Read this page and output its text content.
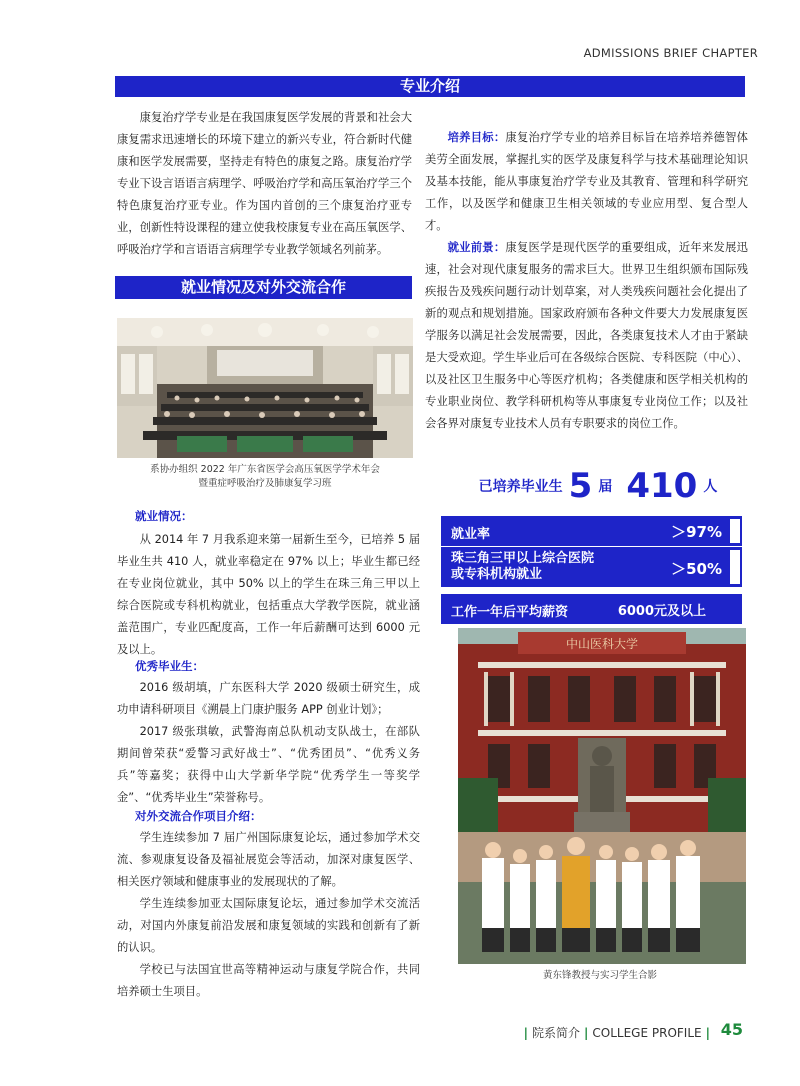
ADMISSIONS BRIEF CHAPTER
专业介绍
康复治疗学专业是在我国康复医学发展的背景和社会大康复需求迅速增长的环境下建立的新兴专业，符合新时代健康和医学发展需要，坚持走有特色的康复之路。康复治疗学专业下设言语语言病理学、呼吸治疗学和高压氧治疗学三个特色康复治疗亚专业。作为国内首创的三个康复治疗亚专业，创新性特设课程的建立使我校康复专业在高压氧医学、呼吸治疗学和言语语言病理学专业教学领域名列前茅。
培养目标：康复治疗学专业的培养目标旨在培养培养德智体美劳全面发展，掌握扎实的医学及康复科学与技术基础理论知识及基本技能，能从事康复治疗学专业及其教育、管理和科学研究工作，以及医学和健康卫生相关领域的专业应用型、复合型人才。
就业前景：康复医学是现代医学的重要组成，近年来发展迅速，社会对现代康复服务的需求巨大。世界卫生组织颁布国际残疾报告及残疾问题行动计划草案，对人类残疾问题社会化提出了新的观点和规划措施。国家政府颁布各种文件要大力发展康复医学服务以满足社会发展需要，因此，各类康复技术人才由于紧缺是大受欢迎。学生毕业后可在各级综合医院、专科医院（中心）、以及社区卫生服务中心等医疗机构；各类健康和医学相关机构的专业职业岗位、教学科研机构等从事康复专业岗位工作；以及社会各界对康复专业技术人员有专职要求的岗位工作。
就业情况及对外交流合作
系协办组织 2022 年广东省医学会高压氧医学学术年会
暨重症呼吸治疗及肺康复学习班	已培养毕业生 5 届 410 人
就业率	＞97%
珠三角三甲以上综合医院
或专科机构就业	＞50%
工作一年后平均薪资	6000元及以上
中山医科大学
黄东锋教授与实习学生合影
就业情况：
从 2014 年 7 月我系迎来第一届新生至今，已培养 5 届毕业生共 410 人，就业率稳定在 97% 以上；毕业生都已经在专业岗位就业，其中 50% 以上的学生在珠三角三甲以上综合医院或专科机构就业，包括重点大学教学医院，就业涵盖范围广，专业匹配度高，工作一年后薪酬可达到 6000 元及以上。
优秀毕业生：
2016 级胡填，广东医科大学 2020 级硕士研究生，成功申请科研项目《溯晨上门康护服务 APP 创业计划》；
2017 级张琪敏，武警海南总队机动支队战士，在部队期间曾荣获“爱警习武好战士”、“优秀团员”、“优秀义务兵”等嘉奖；获得中山大学新华学院“优秀学生一等奖学金”、“优秀毕业生”荣誉称号。
对外交流合作项目介绍：
学生连续参加 7 届广州国际康复论坛，通过参加学术交流、参观康复设备及福祉展览会等活动，加深对康复医学、相关医疗领域和健康事业的发展现状的了解。
学生连续参加亚太国际康复论坛，通过参加学术交流活动，对国内外康复前沿发展和康复领域的实践和创新有了新的认识。
学校已与法国宜世高等精神运动与康复学院合作，共同培养硕士生项目。
| 院系简介 | COLLEGE PROFILE | 45
